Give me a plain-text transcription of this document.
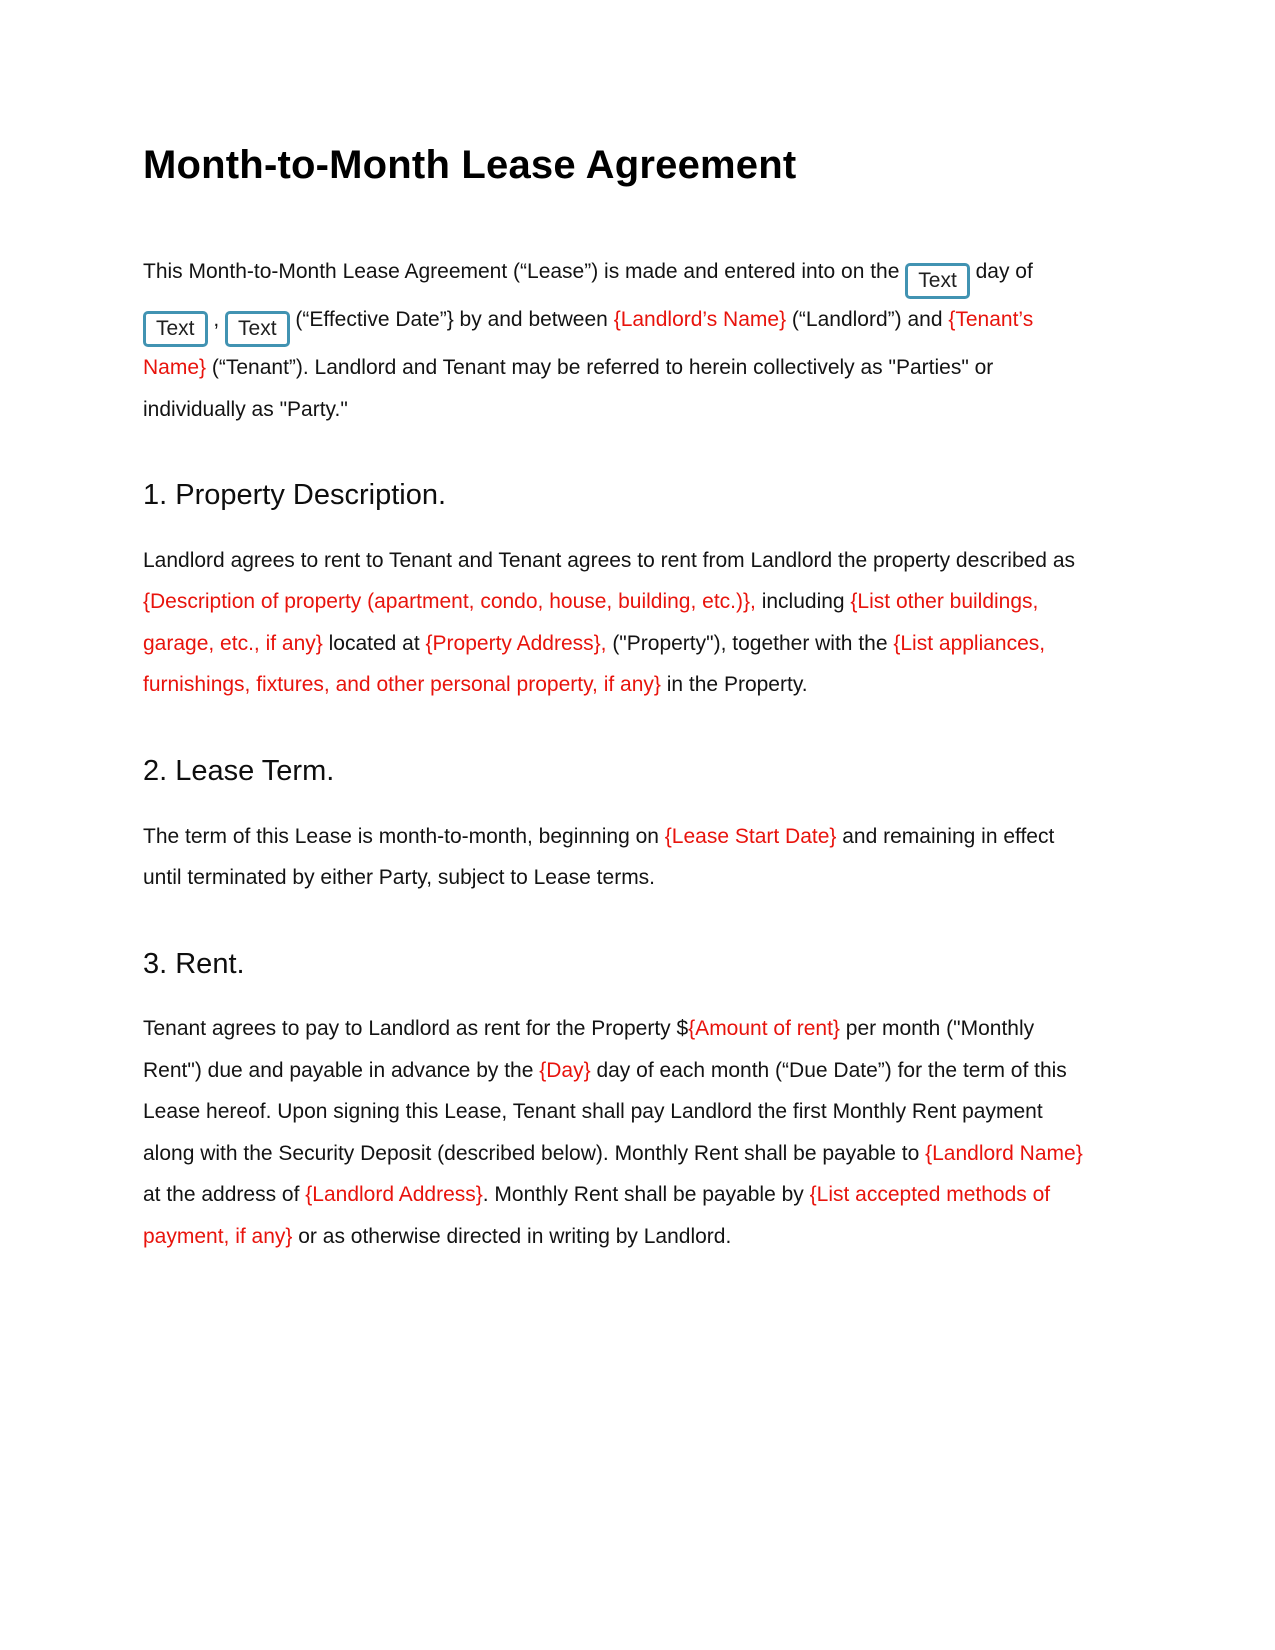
Month-to-Month Lease Agreement

This Month-to-Month Lease Agreement (“Lease”) is made and entered into on the Text day of Text , Text (“Effective Date”} by and between {Landlord’s Name} (“Landlord”) and {Tenant’s Name} (“Tenant”). Landlord and Tenant may be referred to herein collectively as "Parties" or individually as "Party."

1. Property Description.

Landlord agrees to rent to Tenant and Tenant agrees to rent from Landlord the property described as {Description of property (apartment, condo, house, building, etc.)}, including {List other buildings, garage, etc., if any} located at {Property Address}, ("Property"), together with the {List appliances, furnishings, fixtures, and other personal property, if any} in the Property.

2. Lease Term.

The term of this Lease is month-to-month, beginning on {Lease Start Date} and remaining in effect until terminated by either Party, subject to Lease terms.

3. Rent.

Tenant agrees to pay to Landlord as rent for the Property ${Amount of rent} per month ("Monthly Rent") due and payable in advance by the {Day} day of each month (“Due Date”) for the term of this Lease hereof. Upon signing this Lease, Tenant shall pay Landlord the first Monthly Rent payment along with the Security Deposit (described below). Monthly Rent shall be payable to {Landlord Name} at the address of {Landlord Address}. Monthly Rent shall be payable by {List accepted methods of payment, if any} or as otherwise directed in writing by Landlord.
